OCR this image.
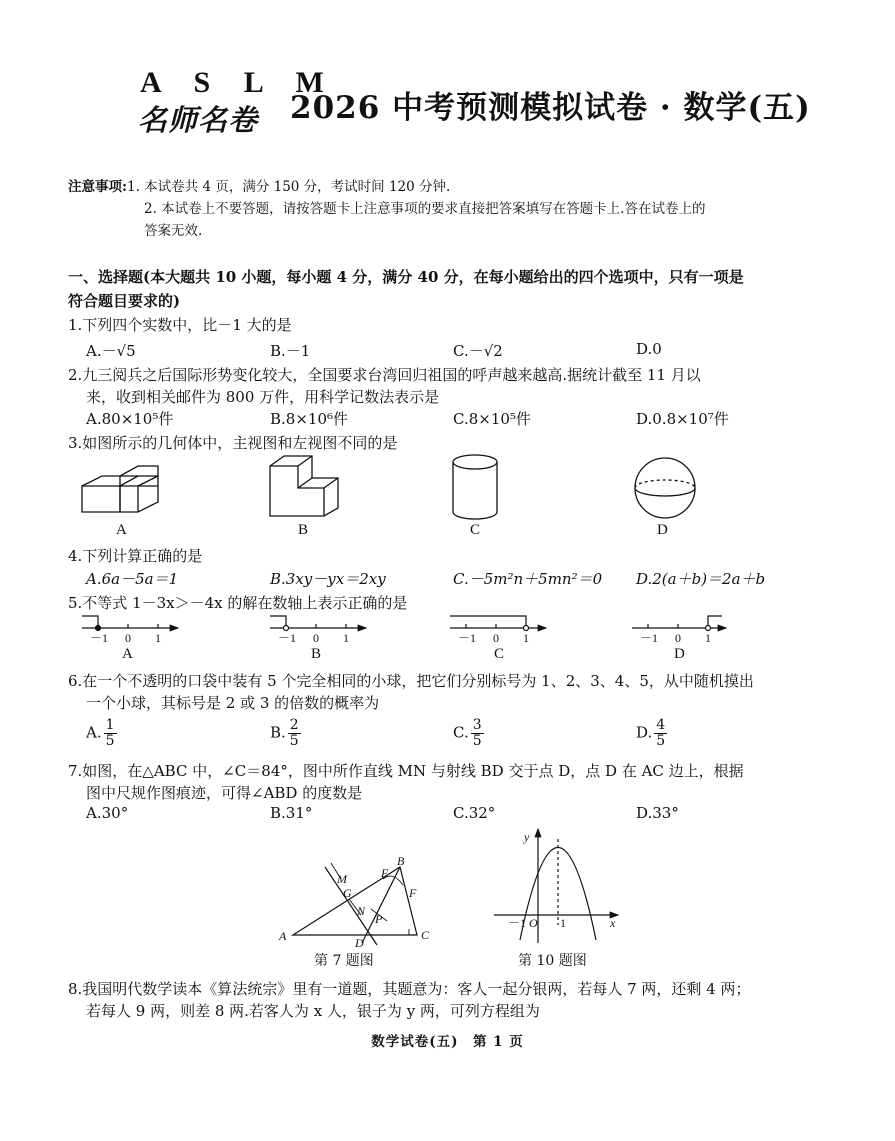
A S L M
名师名卷 2026 中考预测模拟试卷 · 数学(五)
注意事项:1. 本试卷共 4 页，满分 150 分，考试时间 120 分钟.
2. 本试卷上不要答题，请按答题卡上注意事项的要求直接把答案填写在答题卡上.答在试卷上的
答案无效.
一、选择题(本大题共 10 小题，每小题 4 分，满分 40 分，在每小题给出的四个选项中，只有一项是
符合题目要求的)
1.下列四个实数中，比－1 大的是
A.－√5	B.－1	C.－√2	D.0
2.九三阅兵之后国际形势变化较大，全国要求台湾回归祖国的呼声越来越高.据统计截至 11 月以
来，收到相关邮件为 800 万件，用科学记数法表示是
A.80×10⁵件	B.8×10⁶件	C.8×10⁵件	D.0.8×10⁷件
3.如图所示的几何体中，主视图和左视图不同的是
A	B	C	D
4.下列计算正确的是
A.6a－5a＝1	B.3xy－yx＝2xy	C.－5m²n＋5mn²＝0 D.2(a＋b)＝2a＋b
5.不等式 1－3x＞－4x 的解在数轴上表示正确的是
－1 0 1	－1 0 1	－1 0 1	－1 0 1
A	B	C	D
6.在一个不透明的口袋中装有 5 个完全相同的小球，把它们分别标号为 1、2、3、4、5，从中随机摸出
一个小球，其标号是 2 或 3 的倍数的概率为
A. $\frac{1}{5}$	B. $\frac{2}{5}$	C. $\frac{3}{5}$	D. $\frac{4}{5}$
7.如图，在△ABC 中，∠C＝84°，图中所作直线 MN 与射线 BD 交于点 D，点 D 在 AC 边上，根据
图中尺规作图痕迹，可得∠ABD 的度数是
A.30°	B.31°	C.32°	D.33°
A
B
C
D
E
F
G
M
N
P
第 7 题图
y
x
O
－1	1
第 10 题图
8.我国明代数学读本《算法统宗》里有一道题，其题意为：客人一起分银两，若每人 7 两，还剩 4 两；
若每人 9 两，则差 8 两.若客人为 x 人，银子为 y 两，可列方程组为
数学试卷(五)　第 1 页
